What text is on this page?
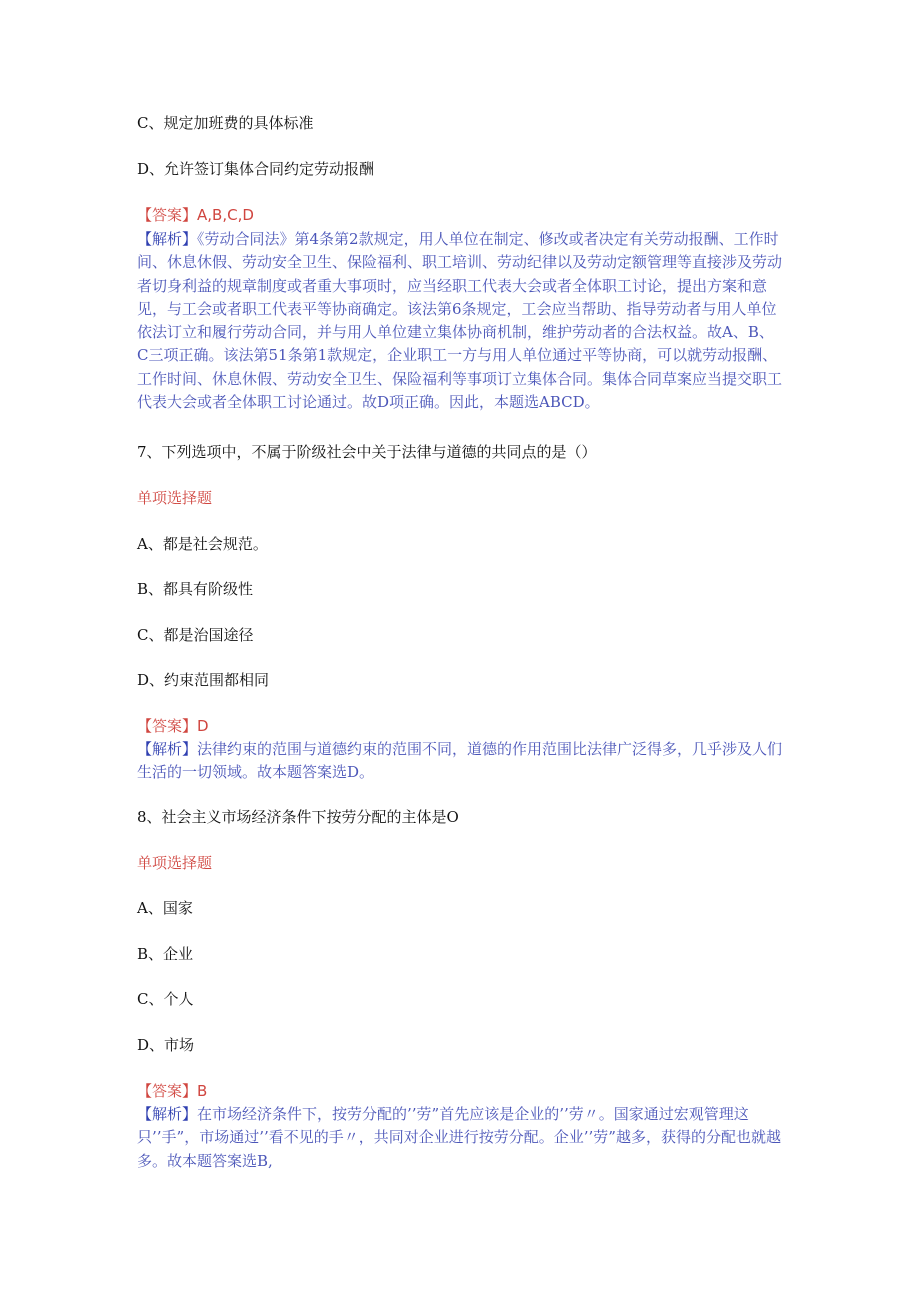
C、规定加班费的具体标准
D、允许签订集体合同约定劳动报酬
【答案】A,B,C,D
【解析】《劳动合同法》第4条第2款规定，用人单位在制定、修改或者决定有关劳动报酬、工作时间、休息休假、劳动安全卫生、保险福利、职工培训、劳动纪律以及劳动定额管理等直接涉及劳动者切身利益的规章制度或者重大事项时，应当经职工代表大会或者全体职工讨论，提出方案和意见，与工会或者职工代表平等协商确定。该法第6条规定，工会应当帮助、指导劳动者与用人单位依法订立和履行劳动合同，并与用人单位建立集体协商机制，维护劳动者的合法权益。故A、B、C三项正确。该法第51条第1款规定，企业职工一方与用人单位通过平等协商，可以就劳动报酬、工作时间、休息休假、劳动安全卫生、保险福利等事项订立集体合同。集体合同草案应当提交职工代表大会或者全体职工讨论通过。故D项正确。因此，本题选ABCD。
7、下列选项中，不属于阶级社会中关于法律与道德的共同点的是（）
单项选择题
A、都是社会规范。
B、都具有阶级性
C、都是治国途径
D、约束范围都相同
【答案】D
【解析】法律约束的范围与道德约束的范围不同，道德的作用范围比法律广泛得多，几乎涉及人们生活的一切领域。故本题答案选D。
8、社会主义市场经济条件下按劳分配的主体是O
单项选择题
A、国家
B、企业
C、个人
D、市场
【答案】B
【解析】在市场经济条件下，按劳分配的’’劳”首先应该是企业的’’劳〃。国家通过宏观管理这只’’手”，市场通过’’看不见的手〃，共同对企业进行按劳分配。企业’’劳”越多，获得的分配也就越多。故本题答案选B,
